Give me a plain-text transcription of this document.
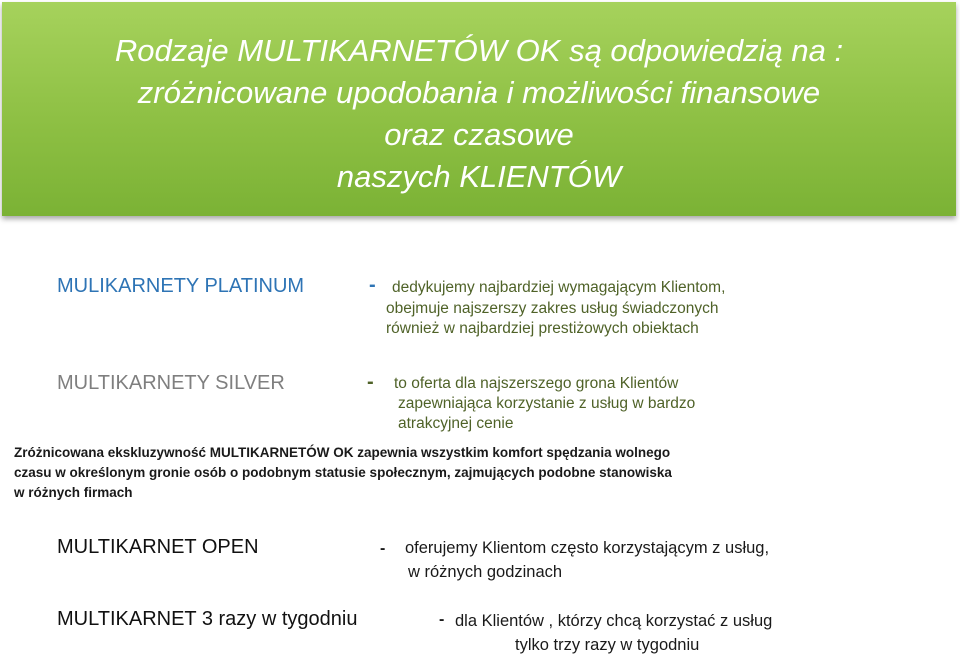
Rodzaje MULTIKARNETÓW OK są odpowiedzią na :
zróżnicowane upodobania i możliwości finansowe
oraz czasowe
naszych KLIENTÓW
MULIKARNETY PLATINUM	- dedykujemy najbardziej wymagającym Klientom,
obejmuje najszerszy zakres usług świadczonych
również w najbardziej prestiżowych obiektach
MULTIKARNETY SILVER	- to oferta dla najszerszego grona Klientów
zapewniająca korzystanie z usług w bardzo
atrakcyjnej cenie
Zróżnicowana ekskluzywność MULTIKARNETÓW OK zapewnia wszystkim komfort spędzania wolnego
czasu w określonym gronie osób o podobnym statusie społecznym, zajmujących podobne stanowiska
w różnych firmach
MULTIKARNET OPEN	- oferujemy Klientom często korzystającym z usług,
w różnych godzinach
MULTIKARNET 3 razy w tygodniu	- dla Klientów , którzy chcą korzystać z usług
tylko trzy razy w tygodniu
